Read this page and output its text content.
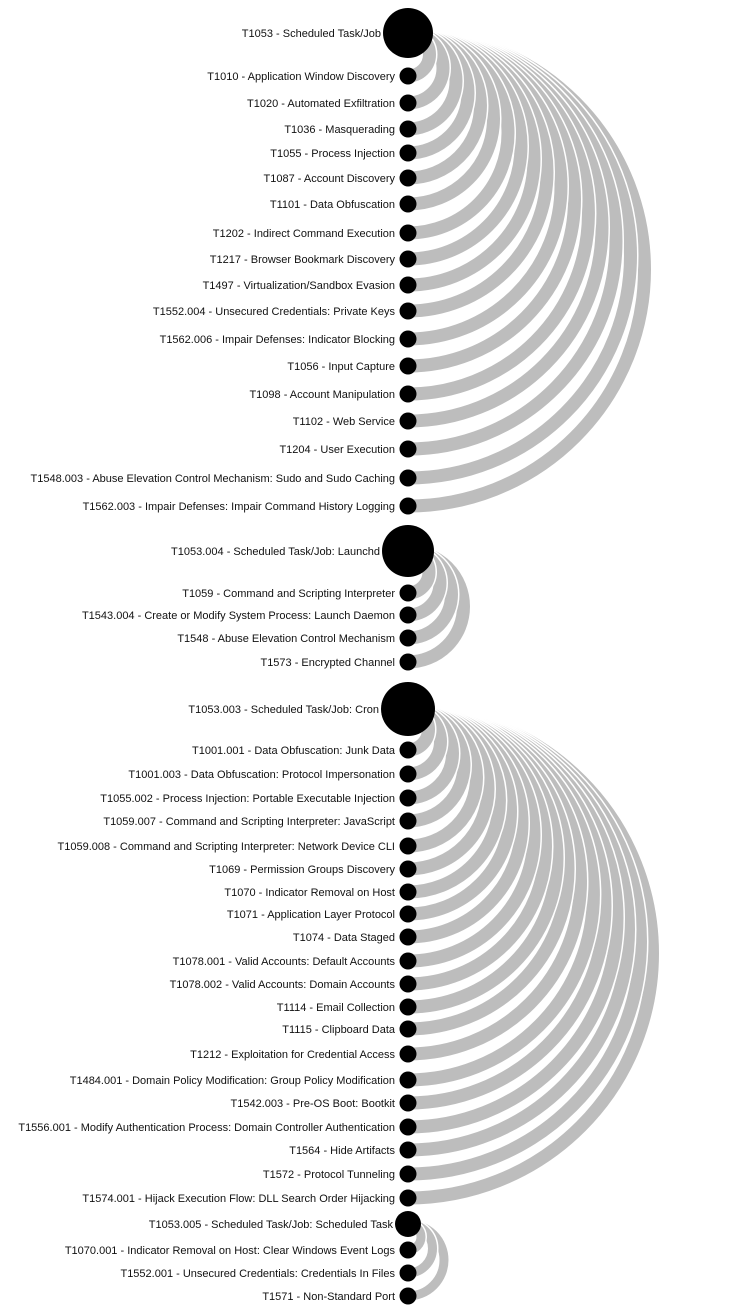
T1053 - Scheduled Task/Job
T1010 - Application Window Discovery
T1020 - Automated Exfiltration
T1036 - Masquerading
T1055 - Process Injection
T1087 - Account Discovery
T1101 - Data Obfuscation
T1202 - Indirect Command Execution
T1217 - Browser Bookmark Discovery
T1497 - Virtualization/Sandbox Evasion
T1552.004 - Unsecured Credentials: Private Keys
T1562.006 - Impair Defenses: Indicator Blocking
T1056 - Input Capture
T1098 - Account Manipulation
T1102 - Web Service
T1204 - User Execution
T1548.003 - Abuse Elevation Control Mechanism: Sudo and Sudo Caching
T1562.003 - Impair Defenses: Impair Command History Logging
T1053.004 - Scheduled Task/Job: Launchd
T1059 - Command and Scripting Interpreter
T1543.004 - Create or Modify System Process: Launch Daemon
T1548 - Abuse Elevation Control Mechanism
T1573 - Encrypted Channel
T1053.003 - Scheduled Task/Job: Cron
T1001.001 - Data Obfuscation: Junk Data
T1001.003 - Data Obfuscation: Protocol Impersonation
T1055.002 - Process Injection: Portable Executable Injection
T1059.007 - Command and Scripting Interpreter: JavaScript
T1059.008 - Command and Scripting Interpreter: Network Device CLI
T1069 - Permission Groups Discovery
T1070 - Indicator Removal on Host
T1071 - Application Layer Protocol
T1074 - Data Staged
T1078.001 - Valid Accounts: Default Accounts
T1078.002 - Valid Accounts: Domain Accounts
T1114 - Email Collection
T1115 - Clipboard Data
T1212 - Exploitation for Credential Access
T1484.001 - Domain Policy Modification: Group Policy Modification
T1542.003 - Pre-OS Boot: Bootkit
T1556.001 - Modify Authentication Process: Domain Controller Authentication
T1564 - Hide Artifacts
T1572 - Protocol Tunneling
T1574.001 - Hijack Execution Flow: DLL Search Order Hijacking
T1053.005 - Scheduled Task/Job: Scheduled Task
T1070.001 - Indicator Removal on Host: Clear Windows Event Logs
T1552.001 - Unsecured Credentials: Credentials In Files
T1571 - Non-Standard Port
